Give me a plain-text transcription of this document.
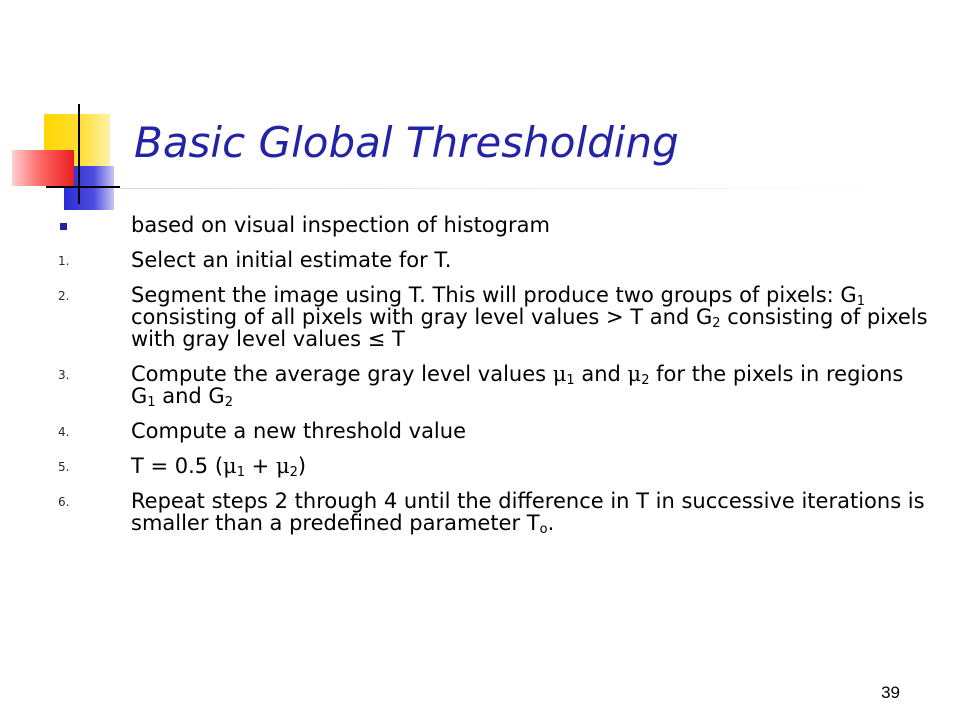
Basic Global Thresholding
based on visual inspection of histogram
1.	Select an initial estimate for T.
2.	Segment the image using T. This will produce two groups of pixels: $G_1$ consisting of all pixels with gray level values > T and $G_2$ consisting of pixels with gray level values ≤ T
3.	Compute the average gray level values $\mu_1$ and $\mu_2$ for the pixels in regions $G_1$ and $G_2$
4.	Compute a new threshold value
5.	T = 0.5 $(\mu_1 + \mu_2)$
6.	Repeat steps 2 through 4 until the difference in T in successive iterations is smaller than a predefined parameter $T_o$.
39
